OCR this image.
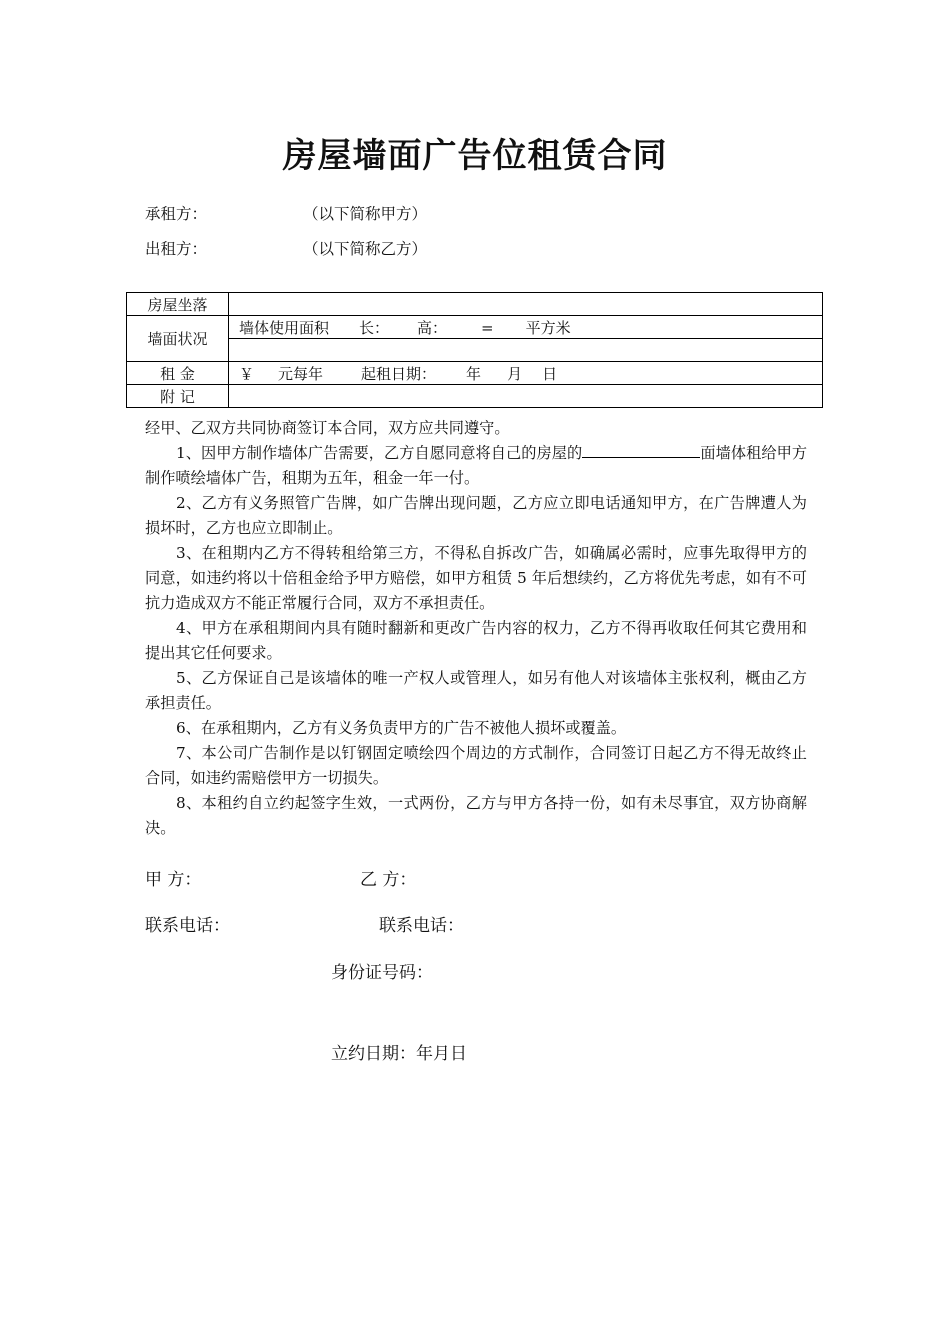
房屋墙面广告位租赁合同
承租方：	（以下简称甲方）
出租方：	（以下简称乙方）
房屋坐落	
墙面状况	墙体使用面积 长： 高： = 平方米

租 金	￥ 元每年 起租日期： 年 月 日
附 记	

经甲、乙双方共同协商签订本合同，双方应共同遵守。

1、因甲方制作墙体广告需要，乙方自愿同意将自己的房屋的	面墙体租给甲方制作喷绘墙体广告，租期为五年，租金一年一付。

2、乙方有义务照管广告牌，如广告牌出现问题，乙方应立即电话通知甲方，在广告牌遭人为损坏时，乙方也应立即制止。

3、在租期内乙方不得转租给第三方，不得私自拆改广告，如确属必需时，应事先取得甲方的同意，如违约将以十倍租金给予甲方赔偿，如甲方租赁 5 年后想续约，乙方将优先考虑，如有不可抗力造成双方不能正常履行合同，双方不承担责任。

4、甲方在承租期间内具有随时翻新和更改广告内容的权力，乙方不得再收取任何其它费用和提出其它任何要求。

5、乙方保证自己是该墙体的唯一产权人或管理人，如另有他人对该墙体主张权利，概由乙方承担责任。

6、在承租期内，乙方有义务负责甲方的广告不被他人损坏或覆盖。

7、本公司广告制作是以钉钢固定喷绘四个周边的方式制作，合同签订日起乙方不得无故终止合同，如违约需赔偿甲方一切损失。

8、本租约自立约起签字生效，一式两份，乙方与甲方各持一份，如有未尽事宜，双方协商解决。

甲 方：	乙 方：
联系电话：	联系电话：
身份证号码：
立约日期：年月日
